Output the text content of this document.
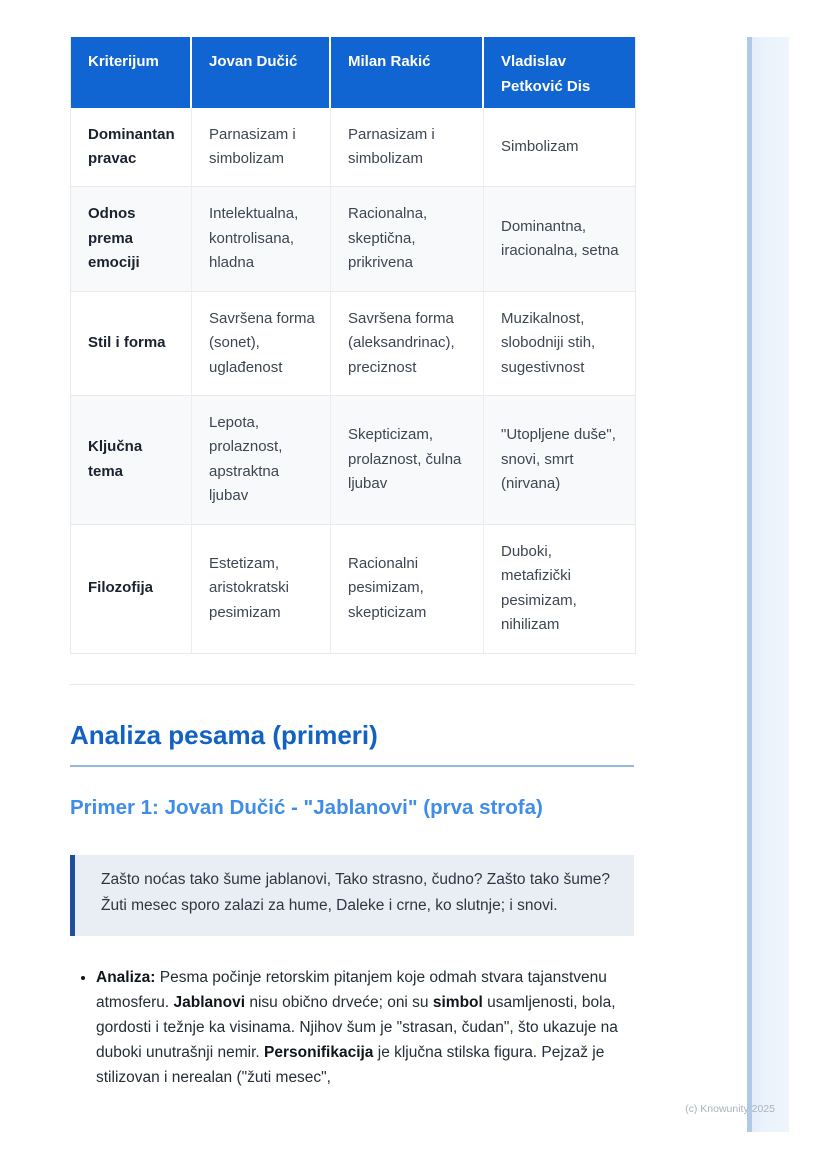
Kriterijum	Jovan Dučić	Milan Rakić	Vladislav Petković Dis
Dominantan pravac	Parnasizam i simbolizam	Parnasizam i simbolizam	Simbolizam
Odnos prema emociji	Intelektualna, kontrolisana, hladna	Racionalna, skeptična, prikrivena	Dominantna, iracionalna, setna
Stil i forma	Savršena forma (sonet), uglađenost	Savršena forma (aleksandrinac), preciznost	Muzikalnost, slobodniji stih, sugestivnost
Ključna tema	Lepota, prolaznost, apstraktna ljubav	Skepticizam, prolaznost, čulna ljubav	"Utopljene duše", snovi, smrt (nirvana)
Filozofija	Estetizam, aristokratski pesimizam	Racionalni pesimizam, skepticizam	Duboki, metafizički pesimizam, nihilizam
Analiza pesama (primeri)
Primer 1: Jovan Dučić - "Jablanovi" (prva strofa)

Zašto noćas tako šume jablanovi, Tako strasno, čudno? Zašto tako šume? Žuti mesec sporo zalazi za hume, Daleke i crne, ko slutnje; i snovi.

• Analiza: Pesma počinje retorskim pitanjem koje odmah stvara tajanstvenu atmosferu. Jablanovi nisu obično drveće; oni su simbol usamljenosti, bola, gordosti i težnje ka visinama. Njihov šum je "strasan, čudan", što ukazuje na duboki unutrašnji nemir. Personifikacija je ključna stilska figura. Pejzaž je stilizovan i nerealan ("žuti mesec",
(c) Knowunity 2025
